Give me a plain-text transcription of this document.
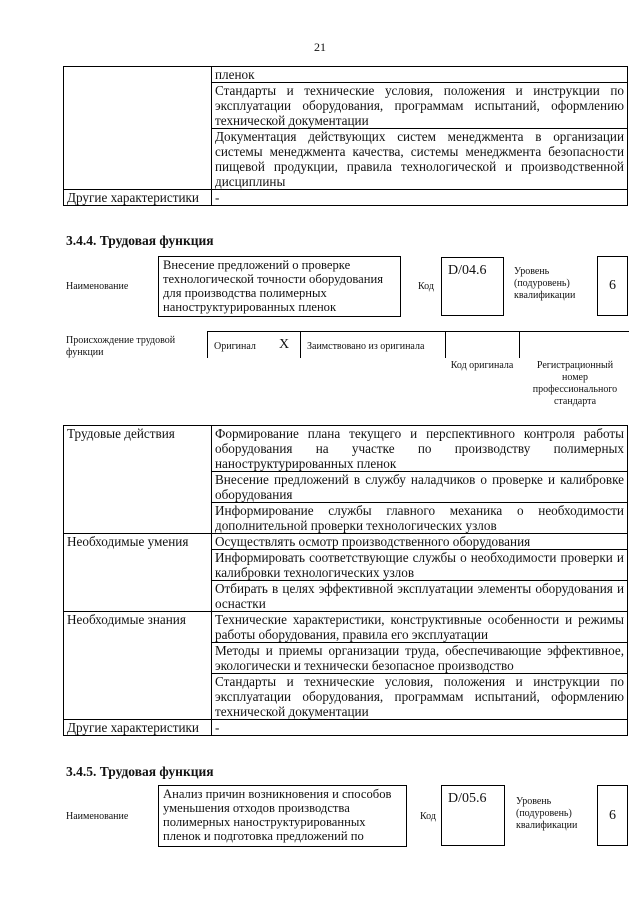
21
	пленок
	Стандарты и технические условия, положения и инструкции по эксплуатации оборудования, программам испытаний, оформлению технической документации
	Документация действующих систем менеджмента в организации системы менеджмента качества, системы менеджмента безопасности пищевой продукции, правила технологической и производственной дисциплины
Другие характеристики	-
3.4.4. Трудовая функция
Наименование
Внесение предложений о проверке технологической точности оборудования для производства полимерных наноструктурированных пленок
Код
D/04.6	Уровень (подуровень) квалификации
6
Происхождение трудовой функции
Оригинал X Заимствовано из оригинала
Код оригинала	Регистрационный номер профессионального стандарта
Трудовые действия	Формирование плана текущего и перспективного контроля работы оборудования на участке по производству полимерных наноструктурированных пленок
	Внесение предложений в службу наладчиков о проверке и калибровке оборудования
	Информирование службы главного механика о необходимости дополнительной проверки технологических узлов
Необходимые умения	Осуществлять осмотр производственного оборудования
	Информировать соответствующие службы о необходимости проверки и калибровки технологических узлов
	Отбирать в целях эффективной эксплуатации элементы оборудования и оснастки
Необходимые знания	Технические характеристики, конструктивные особенности и режимы работы оборудования, правила его эксплуатации
	Методы и приемы организации труда, обеспечивающие эффективное, экологически и технически безопасное производство
	Стандарты и технические условия, положения и инструкции по эксплуатации оборудования, программам испытаний, оформлению технической документации
Другие характеристики	-
3.4.5. Трудовая функция
Наименование
Анализ причин возникновения и способов уменьшения отходов производства полимерных наноструктурированных пленок и подготовка предложений по
Код
D/05.6	Уровень (подуровень) квалификации
6
